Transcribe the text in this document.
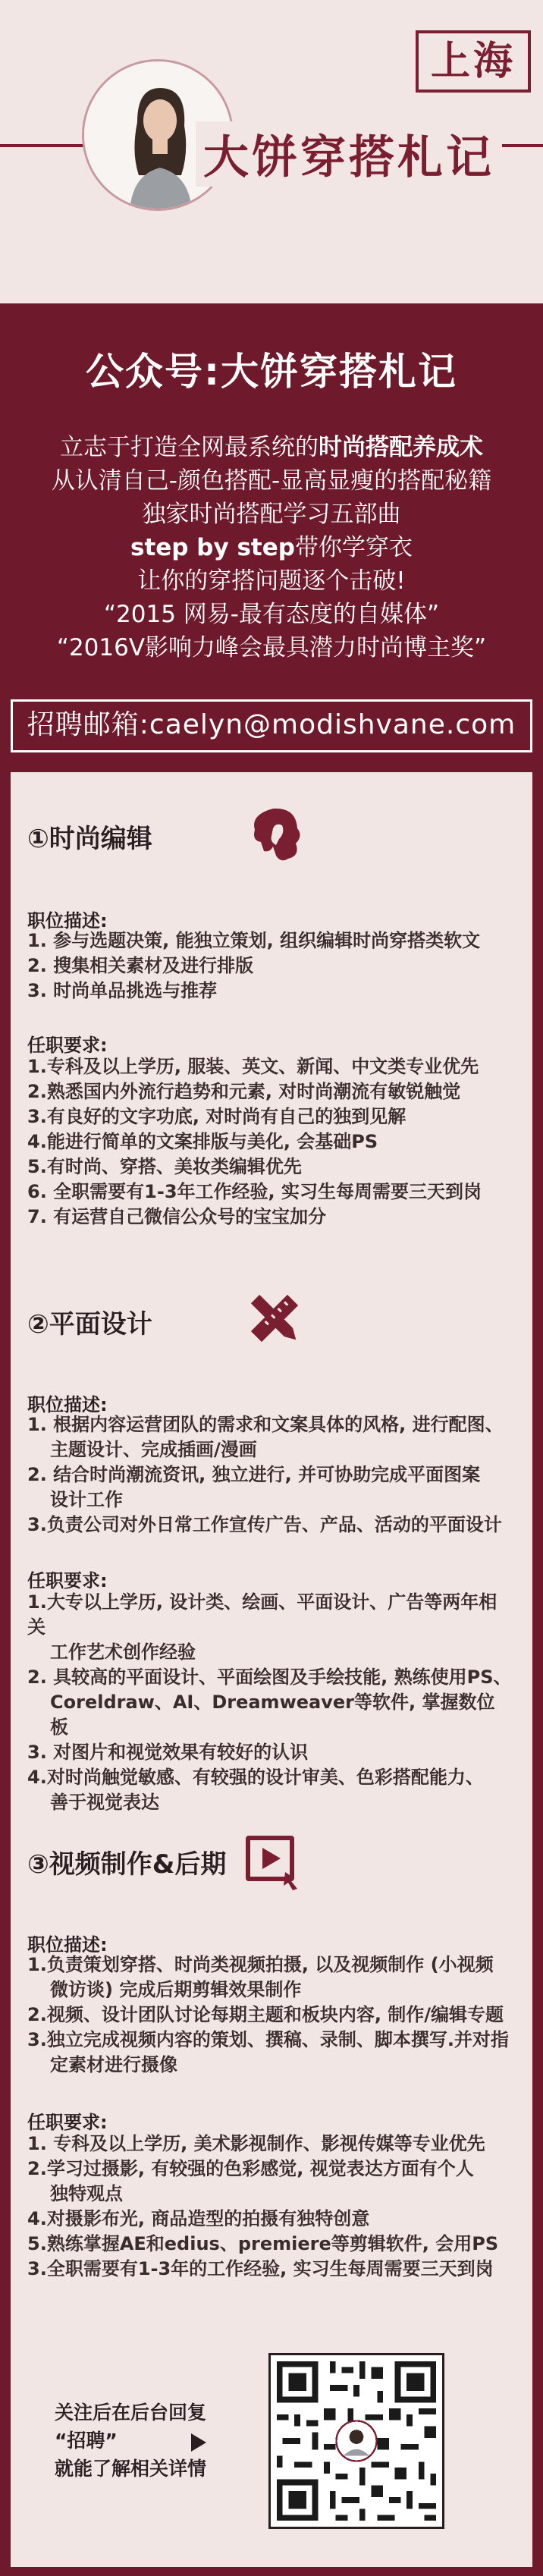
上海
大饼穿搭札记
公众号:大饼穿搭札记
立志于打造全网最系统的时尚搭配养成术
从认清自己-颜色搭配-显高显瘦的搭配秘籍
独家时尚搭配学习五部曲
step by step带你学穿衣
让你的穿搭问题逐个击破!
“2015 网易-最有态度的自媒体”
“2016V影响力峰会最具潜力时尚博主奖”
招聘邮箱:caelyn@modishvane.com
①时尚编辑
职位描述:
1. 参与选题决策, 能独立策划, 组织编辑时尚穿搭类软文
2. 搜集相关素材及进行排版
3. 时尚单品挑选与推荐
任职要求:
1.专科及以上学历, 服装、英文、新闻、中文类专业优先
2.熟悉国内外流行趋势和元素, 对时尚潮流有敏锐触觉
3.有良好的文字功底, 对时尚有自己的独到见解
4.能进行简单的文案排版与美化, 会基础PS
5.有时尚、穿搭、美妆类编辑优先
6. 全职需要有1-3年工作经验, 实习生每周需要三天到岗
7. 有运营自己微信公众号的宝宝加分
②平面设计
职位描述:
1. 根据内容运营团队的需求和文案具体的风格, 进行配图、
主题设计、完成插画/漫画
2. 结合时尚潮流资讯, 独立进行, 并可协助完成平面图案
设计工作
3.负责公司对外日常工作宣传广告、产品、活动的平面设计
任职要求:
1.大专以上学历, 设计类、绘画、平面设计、广告等两年相关
工作艺术创作经验
2. 具较高的平面设计、平面绘图及手绘技能, 熟练使用PS、
Coreldraw、AI、Dreamweaver等软件, 掌握数位板
3. 对图片和视觉效果有较好的认识
4.对时尚触觉敏感、有较强的设计审美、色彩搭配能力、
善于视觉表达
③视频制作&后期
职位描述:
1.负责策划穿搭、时尚类视频拍摄, 以及视频制作 (小视频
微访谈) 完成后期剪辑效果制作
2.视频、设计团队讨论每期主题和板块内容, 制作/编辑专题
3.独立完成视频内容的策划、撰稿、录制、脚本撰写.并对指
定素材进行摄像
任职要求:
1. 专科及以上学历, 美术影视制作、影视传媒等专业优先
2.学习过摄影, 有较强的色彩感觉, 视觉表达方面有个人
独特观点
4.对摄影布光, 商品造型的拍摄有独特创意
5.熟练掌握AE和edius、premiere等剪辑软件, 会用PS
3.全职需要有1-3年的工作经验, 实习生每周需要三天到岗
关注后在后台回复
“招聘”
就能了解相关详情
